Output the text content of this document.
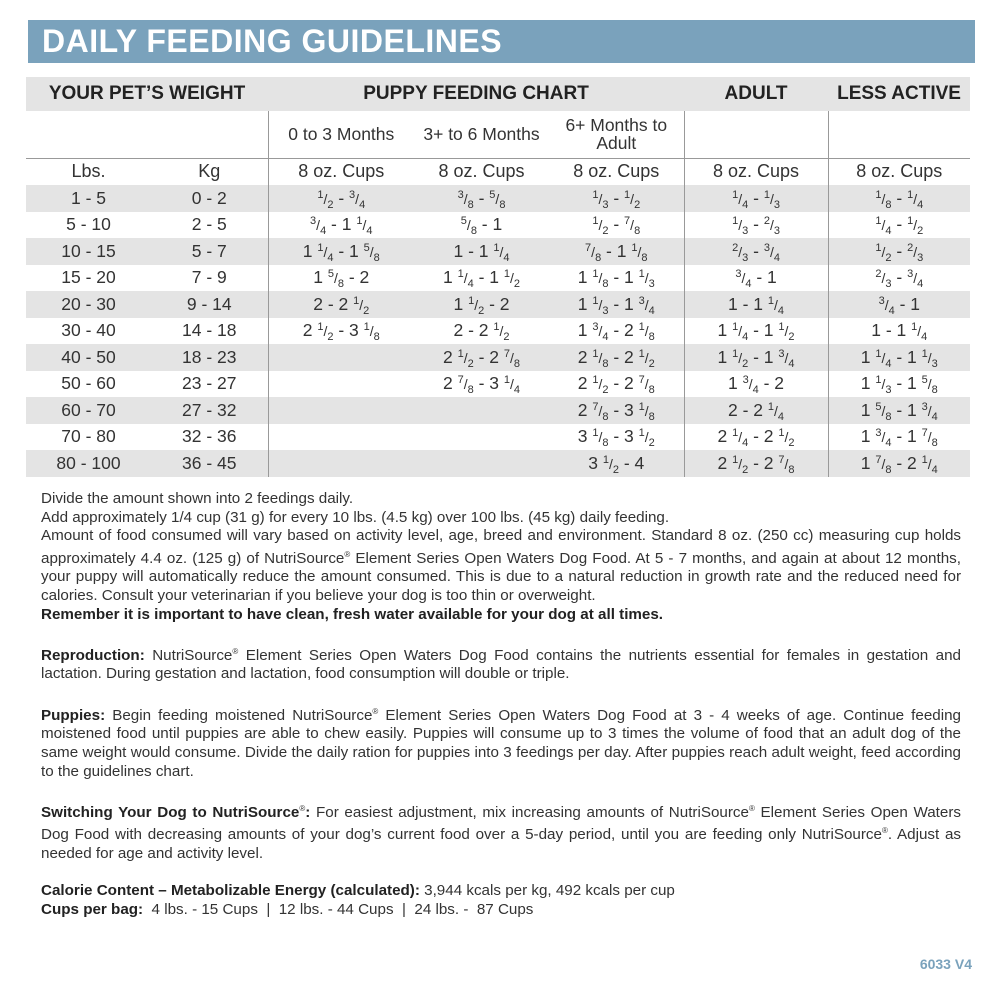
DAILY FEEDING GUIDELINES
YOUR PET’S WEIGHT		PUPPY FEEDING CHART			ADULT	LESS ACTIVE
		0 to 3 Months	3+ to 6 Months	6+ Months to Adult		
Lbs.	Kg	8 oz. Cups	8 oz. Cups	8 oz. Cups	8 oz. Cups	8 oz. Cups
1 - 5	0 - 2	$^1/_2 - ^3/_4$	$^3/_8 - ^5/_8$	$^1/_3 - ^1/_2$	$^1/_4 - ^1/_3$	$^1/_8 - ^1/_4$
5 - 10	2 - 5	$^3/_4 - 1$ $^1/_4$	$^5/_8 - 1$	$^1/_2 - ^7/_8$	$^1/_3 - ^2/_3$	$^1/_4 - ^1/_2$
10 - 15	5 - 7	1 $^1/_4 - 1$ $^5/_8$	1 - 1 $^1/_4$	$^7/_8 - 1$ $^1/_8$	$^2/_3 - ^3/_4$	$^1/_2 - ^2/_3$
15 - 20	7 - 9	1 $^5/_8 - 2$	1 $^1/_4 - 1$ $^1/_2$	1 $^1/_8 - 1$ $^1/_3$	$^3/_4 - 1$	$^2/_3 - ^3/_4$
20 - 30	9 - 14	2 - 2 $^1/_2$	1 $^1/_2 - 2$	1 $^1/_3 - 1$ $^3/_4$	1 - 1 $^1/_4$	$^3/_4 - 1$
30 - 40	14 - 18	2 $^1/_2 - 3$ $^1/_8$	2 - 2 $^1/_2$	1 $^3/_4 - 2$ $^1/_8$	1 $^1/_4 - 1$ $^1/_2$	1 - 1 $^1/_4$
40 - 50	18 - 23		2 $^1/_2 - 2$ $^7/_8$	2 $^1/_8 - 2$ $^1/_2$	1 $^1/_2 - 1$ $^3/_4$	1 $^1/_4 - 1$ $^1/_3$
50 - 60	23 - 27		2 $^7/_8 - 3$ $^1/_4$	2 $^1/_2 - 2$ $^7/_8$	1 $^3/_4 - 2$	1 $^1/_3 - 1$ $^5/_8$
60 - 70	27 - 32			2 $^7/_8 - 3$ $^1/_8$	2 - 2 $^1/_4$	1 $^5/_8 - 1$ $^3/_4$
70 - 80	32 - 36			3 $^1/_8 - 3$ $^1/_2$	2 $^1/_4 - 2$ $^1/_2$	1 $^3/_4 - 1$ $^7/_8$
80 - 100	36 - 45			3 $^1/_2 - 4$	2 $^1/_2 - 2$ $^7/_8$	1 $^7/_8 - 2$ $^1/_4$

Divide the amount shown into 2 feedings daily.

Add approximately 1/4 cup (31 g) for every 10 lbs. (4.5 kg) over 100 lbs. (45 kg) daily feeding.

Amount of food consumed will vary based on activity level, age, breed and environment. Standard 8 oz. (250 cc) measuring cup holds approximately 4.4 oz. (125 g) of NutriSource® Element Series Open Waters Dog Food. At 5 - 7 months, and again at about 12 months, your puppy will automatically reduce the amount consumed. This is due to a natural reduction in growth rate and the reduced need for calories. Consult your veterinarian if you believe your dog is too thin or overweight.

Remember it is important to have clean, fresh water available for your dog at all times.

Reproduction: NutriSource® Element Series Open Waters Dog Food contains the nutrients essential for females in gestation and lactation. During gestation and lactation, food consumption will double or triple.

Puppies: Begin feeding moistened NutriSource® Element Series Open Waters Dog Food at 3 - 4 weeks of age. Continue feeding moistened food until puppies are able to chew easily. Puppies will consume up to 3 times the volume of food that an adult dog of the same weight would consume. Divide the daily ration for puppies into 3 feedings per day. After puppies reach adult weight, feed according to the guidelines chart.

Switching Your Dog to NutriSource®: For easiest adjustment, mix increasing amounts of NutriSource® Element Series Open Waters Dog Food with decreasing amounts of your dog’s current food over a 5-day period, until you are feeding only NutriSource®. Adjust as needed for age and activity level.

Calorie Content – Metabolizable Energy (calculated): 3,944 kcals per kg, 492 kcals per cup

Cups per bag:  4 lbs. - 15 Cups  |  12 lbs. - 44 Cups  |  24 lbs. -  87 Cups

6033 V4
